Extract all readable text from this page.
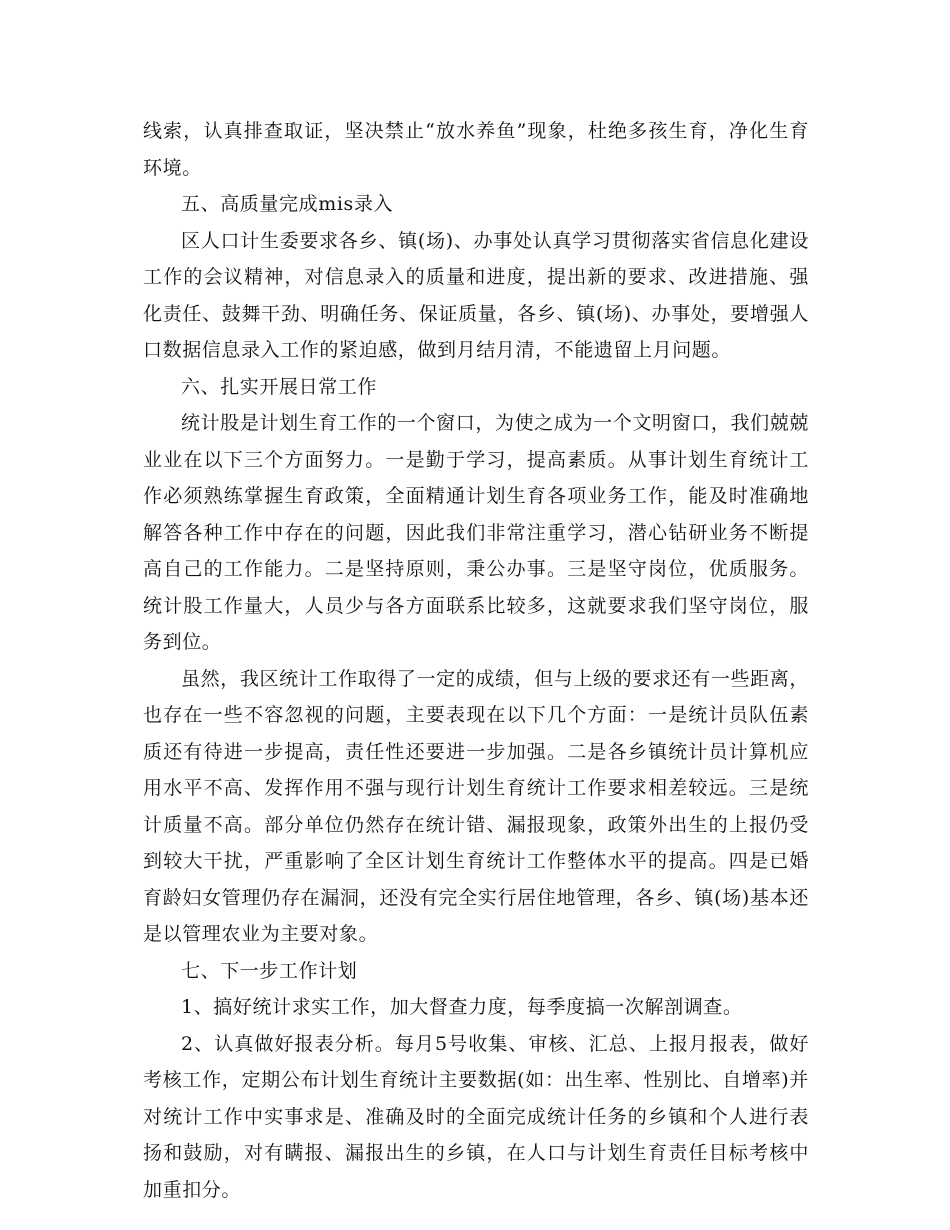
线索，认真排查取证，坚决禁止“放水养鱼”现象，杜绝多孩生育，净化生育环境。

五、高质量完成mis录入

区人口计生委要求各乡、镇(场)、办事处认真学习贯彻落实省信息化建设工作的会议精神，对信息录入的质量和进度，提出新的要求、改进措施、强化责任、鼓舞干劲、明确任务、保证质量，各乡、镇(场)、办事处，要增强人口数据信息录入工作的紧迫感，做到月结月清，不能遗留上月问题。

六、扎实开展日常工作

统计股是计划生育工作的一个窗口，为使之成为一个文明窗口，我们兢兢业业在以下三个方面努力。一是勤于学习，提高素质。从事计划生育统计工作必须熟练掌握生育政策，全面精通计划生育各项业务工作，能及时准确地解答各种工作中存在的问题，因此我们非常注重学习，潜心钻研业务不断提高自己的工作能力。二是坚持原则，秉公办事。三是坚守岗位，优质服务。统计股工作量大，人员少与各方面联系比较多，这就要求我们坚守岗位，服务到位。

虽然，我区统计工作取得了一定的成绩，但与上级的要求还有一些距离，也存在一些不容忽视的问题，主要表现在以下几个方面：一是统计员队伍素质还有待进一步提高，责任性还要进一步加强。二是各乡镇统计员计算机应用水平不高、发挥作用不强与现行计划生育统计工作要求相差较远。三是统计质量不高。部分单位仍然存在统计错、漏报现象，政策外出生的上报仍受到较大干扰，严重影响了全区计划生育统计工作整体水平的提高。四是已婚育龄妇女管理仍存在漏洞，还没有完全实行居住地管理，各乡、镇(场)基本还是以管理农业为主要对象。

七、下一步工作计划

1、搞好统计求实工作，加大督查力度，每季度搞一次解剖调查。

2、认真做好报表分析。每月5号收集、审核、汇总、上报月报表，做好考核工作，定期公布计划生育统计主要数据(如：出生率、性别比、自增率)并对统计工作中实事求是、准确及时的全面完成统计任务的乡镇和个人进行表扬和鼓励，对有瞒报、漏报出生的乡镇，在人口与计划生育责任目标考核中加重扣分。
